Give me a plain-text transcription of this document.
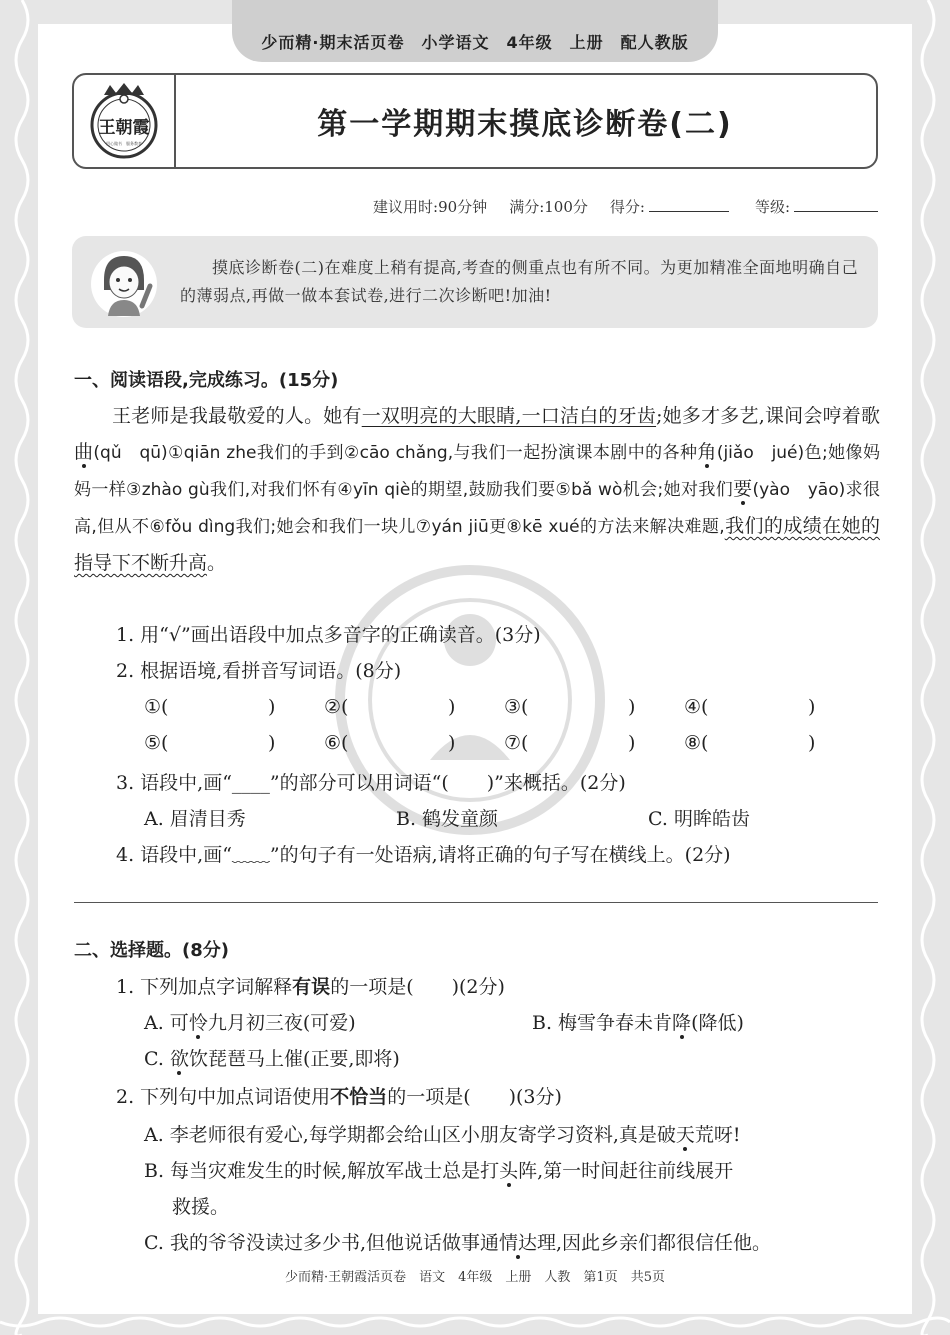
少而精·期末活页卷　小学语文　4年级　上册　配人教版
王朝霞
用心做书　服务教育
第一学期期末摸底诊断卷(二)
建议用时:90分钟 满分:100分 得分:	等级:
摸底诊断卷(二)在难度上稍有提高,考查的侧重点也有所不同。为更加精准全面地明确自己的薄弱点,再做一做本套试卷,进行二次诊断吧!加油!
一、阅读语段,完成练习。(15分)
王老师是我最敬爱的人。她有一双明亮的大眼睛,一口洁白的牙齿;她多才多艺,课间会哼着歌曲(qǔ　qū)①qiān zhe我们的手到②cāo chǎng,与我们一起扮演课本剧中的各种角(jiǎo　jué)色;她像妈妈一样③zhào gù我们,对我们怀有④yīn qiè的期望,鼓励我们要⑤bǎ wò机会;她对我们要(yào　yāo)求很高,但从不⑥fǒu dìng我们;她会和我们一块儿⑦yán jiū更⑧kē xué的方法来解决难题,我们的成绩在她的指导下不断升高。
1. 用“√”画出语段中加点多音字的正确读音。(3分)
2. 根据语境,看拼音写词语。(8分)
①(	)	②(	)	③(	)	④(	)
⑤(	)	⑥(	)	⑦(	)	⑧(	)
3. 语段中,画“____”的部分可以用词语“(　　)”来概括。(2分)
A. 眉清目秀	B. 鹤发童颜	C. 明眸皓齿
4. 语段中,画“﹏﹏”的句子有一处语病,请将正确的句子写在横线上。(2分)
二、选择题。(8分)
1. 下列加点字词解释有误的一项是(　　)(2分)
A. 可怜九月初三夜(可爱)	B. 梅雪争春未肯降(降低)
C. 欲饮琵琶马上催(正要,即将)
2. 下列句中加点词语使用不恰当的一项是(　　)(3分)
A. 李老师很有爱心,每学期都会给山区小朋友寄学习资料,真是破天荒呀!
B. 每当灾难发生的时候,解放军战士总是打头阵,第一时间赶往前线展开
救援。
C. 我的爷爷没读过多少书,但他说话做事通情达理,因此乡亲们都很信任他。
少而精·王朝霞活页卷　语文　4年级　上册　人教　第1页　共5页
